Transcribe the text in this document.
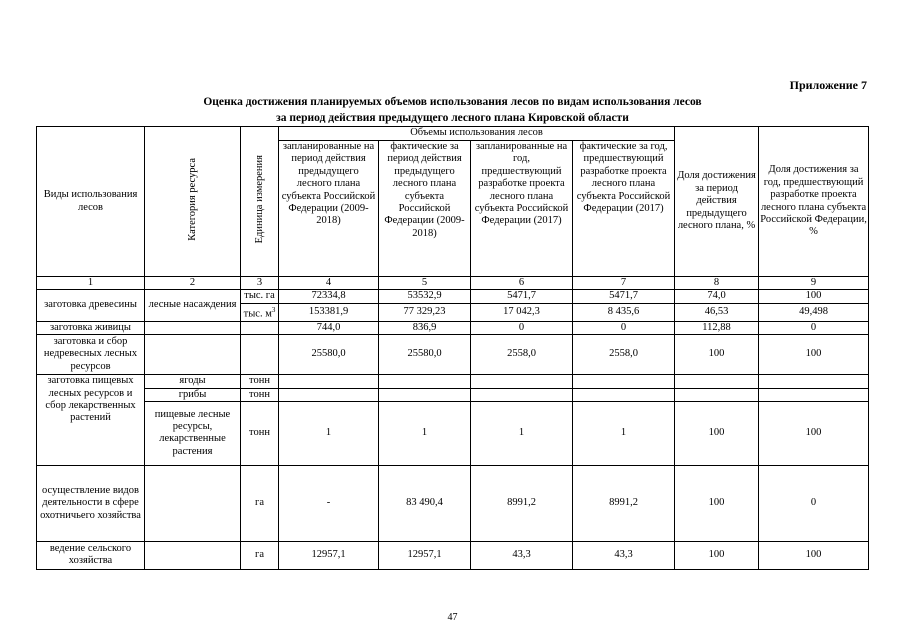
Приложение 7
Оценка достижения планируемых объемов использования лесов по видам использования лесов
за период действия предыдущего лесного плана Кировской области
Виды использования лесов	Категория ресурса	Единица измерения	Объемы использования лесов				Доля достижения за период действия предыдущего лесного плана, %	Доля достижения за год, предшествующий разработке проекта лесного плана субъекта Российской Федерации, %
			запланированные на период действия предыдущего лесного плана субъекта Российской Федерации (2009-2018)	фактические за период действия предыдущего лесного плана субъекта Российской Федерации (2009-2018)	запланированные на год, предшествующий разработке проекта лесного плана субъекта Российской Федерации (2017)	фактические за год, предшествующий разработке проекта лесного плана субъекта Российской Федерации (2017)		
1	2	3	4	5	6	7	8	9
заготовка древесины	лесные насаждения	тыс. га	72334,8	53532,9	5471,7	5471,7	74,0	100
		тыс. $м^3$	153381,9	77 329,23	17 042,3	8 435,6	46,53	49,498
заготовка живицы			744,0	836,9	0	0	112,88	0
заготовка и сбор недревесных лесных ресурсов			25580,0	25580,0	2558,0	2558,0	100	100
заготовка пищевых лесных ресурсов и сбор лекарственных растений	ягоды	тонн						
	грибы	тонн						
	пищевые лесные ресурсы, лекарственные растения	тонн	1	1	1	1	100	100
осуществление видов деятельности в сфере охотничьего хозяйства		га	-	83 490,4	8991,2	8991,2	100	0
ведение сельского хозяйства		га	12957,1	12957,1	43,3	43,3	100	100
47
